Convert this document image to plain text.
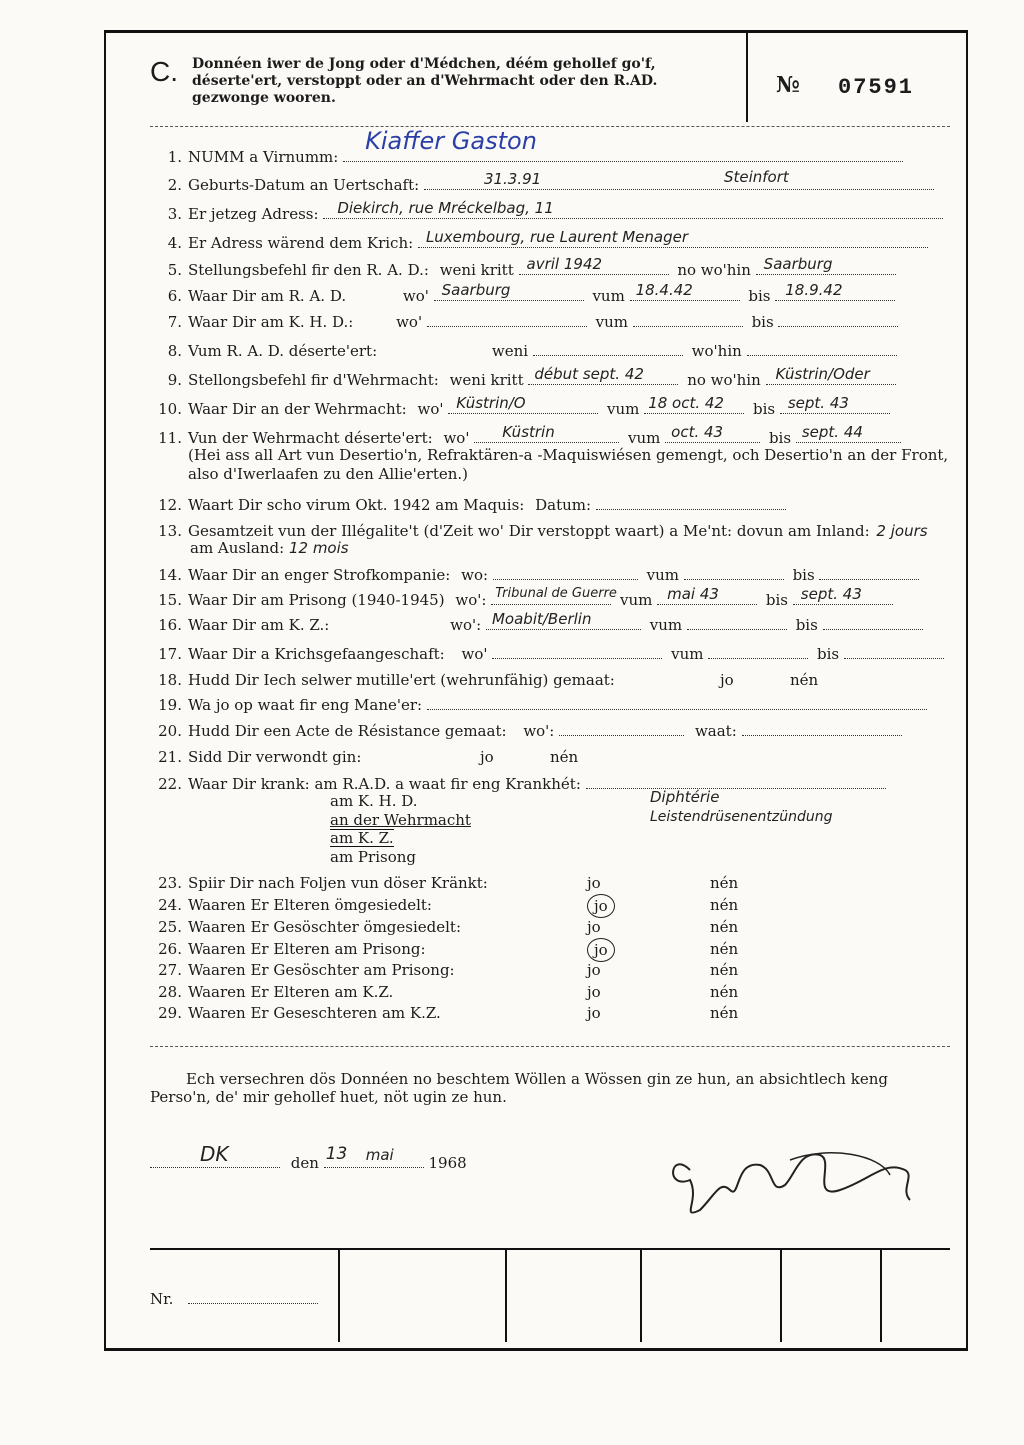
C. Donnéen iwer de Jong oder d'Médchen, déém gehollef go'f, déserte'ert, verstoppt oder an d'Wehrmacht oder den R.AD. gezwonge wooren.	№ 07591
1. NUMM a Virnumm:
Kiaffer Gaston
2. Geburts-Datum an Uertschaft:	31.3.91	Steinfort
3. Er jetzeg Adress: Diekirch, rue Mréckelbag, 11
4. Er Adress wärend dem Krich: Luxembourg, rue Laurent Menager
5. Stellungsbefehl fir den R. A. D.: weni kritt avril 1942	no wo'hin Saarburg
6. Waar Dir am R. A. D.	wo' Saarburg	vum 18.4.42	bis 18.9.42
7. Waar Dir am K. H. D.:	wo'	vum	bis
8. Vum R. A. D. déserte'ert:	weni	wo'hin
9. Stellongsbefehl fir d'Wehrmacht: weni kritt début sept. 42	no wo'hin Küstrin/Oder
10. Waar Dir an der Wehrmacht: wo' Küstrin/O	vum 18 oct. 42 bis sept. 43
11. Vun der Wehrmacht déserte'ert: wo' Küstrin	vum oct. 43	bis sept. 44
(Hei ass all Art vun Desertio'n, Refraktären-a -Maquiswiésen gemengt, och Desertio'n an der Front, also d'Iwerlaafen zu den Allie'erten.)
12. Waart Dir scho virum Okt. 1942 am Maquis: Datum:
13. Gesamtzeit vun der Illégalite't (d'Zeit wo' Dir verstoppt waart) a Me'nt: dovun am Inland: 2 jours
am Ausland: 12 mois
14. Waar Dir an enger Strofkompanie: wo:	vum	bis
15. Waar Dir am Prisong (1940-1945) wo': Tribunal de Guerre vum mai 43	bis sept. 43
16. Waar Dir am K. Z.:	wo': Moabit/Berlin	vum	bis
17. Waar Dir a Krichsgefaangeschaft: wo'	vum	bis
18. Hudd Dir Iech selwer mutille'ert (wehrunfähig) gemaat:	jo	nén
19. Wa jo op waat fir eng Mane'er:
20. Hudd Dir een Acte de Résistance gemaat: wo':	waat:
21. Sidd Dir verwondt gin:	jo	nén
22. Waar Dir krank: am R.A.D. a waat fir eng Krankhét:
am K. H. D.	Diphtérie
an der Wehrmacht	Leistendrüsenentzündung
am K. Z.
am Prisong
23. Spiir Dir nach Foljen vun döser Kränkt:	jo	nén
24. Waaren Er Elteren ömgesiedelt:	jo	nén
25. Waaren Er Gesöschter ömgesiedelt:	jo	nén
26. Waaren Er Elteren am Prisong:	jo	nén
27. Waaren Er Gesöschter am Prisong:	jo	nén
28. Waaren Er Elteren am K.Z.	jo	nén
29. Waaren Er Geseschteren am K.Z.	jo	nén
Ech versechren dös Donnéen no beschtem Wöllen a Wössen gin ze hun, an absichtlech keng Perso'n, de' mir gehollef huet, nöt ugin ze hun.
DK	den 13 mai 1968
Nr.
